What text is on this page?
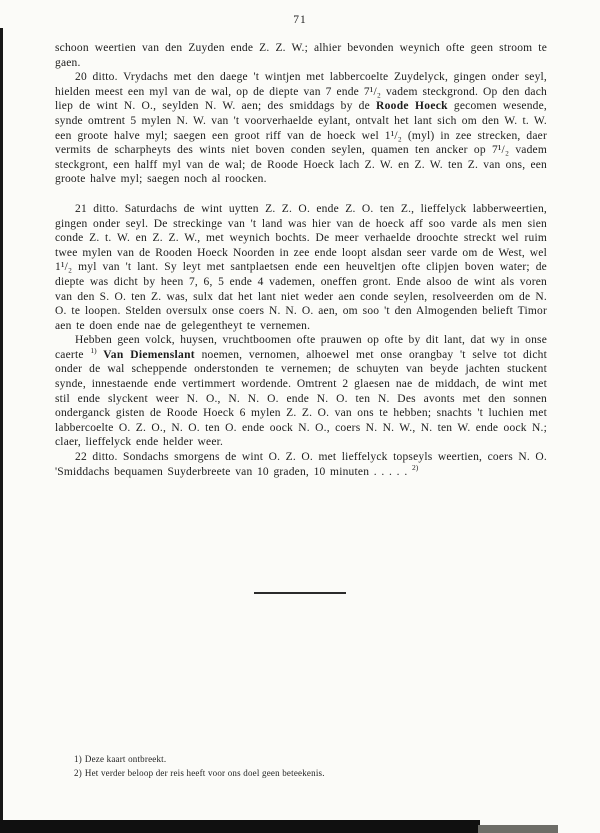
71

schoon weertien van den Zuyden ende Z. Z. W.; alhier bevonden weynich ofte geen stroom te gaen.

20 ditto. Vrydachs met den daege 't wintjen met labbercoelte Zuydelyck, gingen onder seyl, hielden meest een myl van de wal, op de diepte van 7 ende 7¹/₂ vadem steckgrond. Op den dach liep de wint N. O., seylden N. W. aen; des smiddags by de Roode Hoeck gecomen wesende, synde omtrent 5 mylen N. W. van 't voorverhaelde eylant, ontvalt het lant sich om den W. t. W. een groote halve myl; saegen een groot riff van de hoeck wel 1¹/₂ (myl) in zee strecken, daer vermits de scharpheyts des wints niet boven conden seylen, quamen ten ancker op 7¹/₂ vadem steckgront, een halff myl van de wal; de Roode Hoeck lach Z. W. en Z. W. ten Z. van ons, een groote halve myl; saegen noch al roocken.

21 ditto. Saturdachs de wint uytten Z. Z. O. ende Z. O. ten Z., lieffelyck labberweertien, gingen onder seyl. De streckinge van 't land was hier van de hoeck aff soo varde als men sien conde Z. t. W. en Z. Z. W., met weynich bochts. De meer verhaelde droochte streckt wel ruim twee mylen van de Rooden Hoeck Noorden in zee ende loopt alsdan seer varde om de West, wel 1¹/₂ myl van 't lant. Sy leyt met santplaetsen ende een heuveltjen ofte clipjen boven water; de diepte was dicht by heen 7, 6, 5 ende 4 vademen, oneffen gront. Ende alsoo de wint als voren van den S. O. ten Z. was, sulx dat het lant niet weder aen conde seylen, resolveerden om de N. O. te loopen. Stelden oversulx onse coers N. N. O. aen, om soo 't den Almogenden belieft Timor aen te doen ende nae de gelegentheyt te vernemen.

Hebben geen volck, huysen, vruchtboomen ofte prauwen op ofte by dit lant, dat wy in onse caerte $^{1)}$ Van Diemenslant noemen, vernomen, alhoewel met onse orangbay 't selve tot dicht onder de wal scheppende onderstonden te vernemen; de schuyten van beyde jachten stuckent synde, innestaende ende vertimmert wordende. Omtrent 2 glaesen nae de middach, de wint met stil ende slyckent weer N. O., N. N. O. ende N. O. ten N. Des avonts met den sonnen onderganck gisten de Roode Hoeck 6 mylen Z. Z. O. van ons te hebben; snachts 't luchien met labbercoelte O. Z. O., N. O. ten O. ende oock N. O., coers N. N. W., N. ten W. ende oock N.; claer, lieffelyck ende helder weer.

22 ditto. Sondachs smorgens de wint O. Z. O. met lieffelyck topseyls weertien, coers N. O. 'Smiddachs bequamen Suyderbreete van 10 graden, 10 minuten . . . . . $^{2)}$

1) Deze kaart ontbreekt.
2) Het verder beloop der reis heeft voor ons doel geen beteekenis.
